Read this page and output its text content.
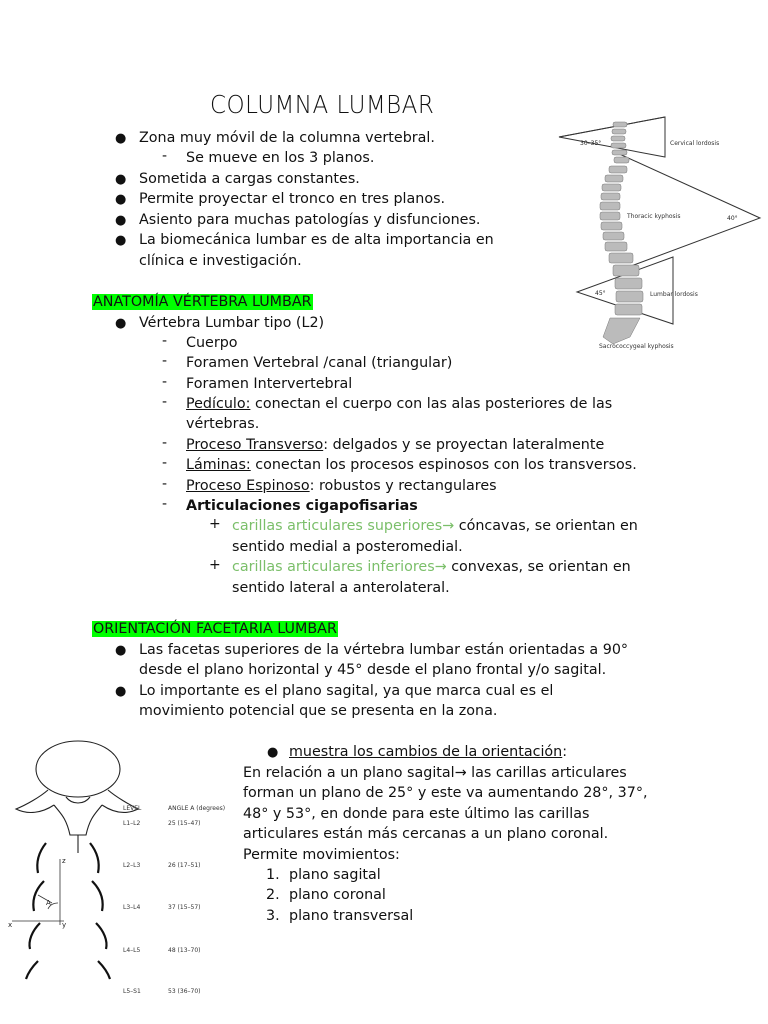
COLUMNA LUMBAR
● Zona muy móvil de la columna vertebral.
- Se mueve en los 3 planos.
● Sometida a cargas constantes.
● Permite proyectar el tronco en tres planos.
● Asiento para muchas patologías y disfunciones.
● La biomecánica lumbar es de alta importancia en
clínica e investigación.
30–35°	Cervical lordosis
40°
Thoracic kyphosis
45°	Lumbar lordosis
Sacrococcygeal kyphosis
ANATOMÍA VÉRTEBRA LUMBAR
● Vértebra Lumbar tipo (L2)
- Cuerpo
- Foramen Vertebral /canal (triangular)
- Foramen Intervertebral
- Pedículo: conectan el cuerpo con las alas posteriores de las
vértebras.
- Proceso Transverso: delgados y se proyectan lateralmente
- Láminas: conectan los procesos espinosos con los transversos.
- Proceso Espinoso: robustos y rectangulares
- Articulaciones cigapofisarias
+ carillas articulares superiores→ cóncavas, se orientan en
sentido medial a posteromedial.
+ carillas articulares inferiores→ convexas, se orientan en
sentido lateral a anterolateral.
ORIENTACIÓN FACETARIA LUMBAR
● Las facetas superiores de la vértebra lumbar están orientadas a 90°
desde el plano horizontal y 45° desde el plano frontal y/o sagital.
● Lo importante es el plano sagital, ya que marca cual es el
movimiento potencial que se presenta en la zona.
● muestra los cambios de la orientación:
En relación a un plano sagital→ las carillas articulares
forman un plano de 25° y este va aumentando 28°, 37°,
48° y 53°, en donde para este último las carillas
articulares están más cercanas a un plano coronal.
Permite movimientos:
1. plano sagital
2. plano coronal
3. plano transversal
z
A
x	y
LEVEL	ANGLE A (degrees)
L1–L2	25 (15–47)
L2–L3	26 (17–51)
L3–L4	37 (15–57)
L4–L5	48 (13–70)
L5–S1	53 (36–70)
